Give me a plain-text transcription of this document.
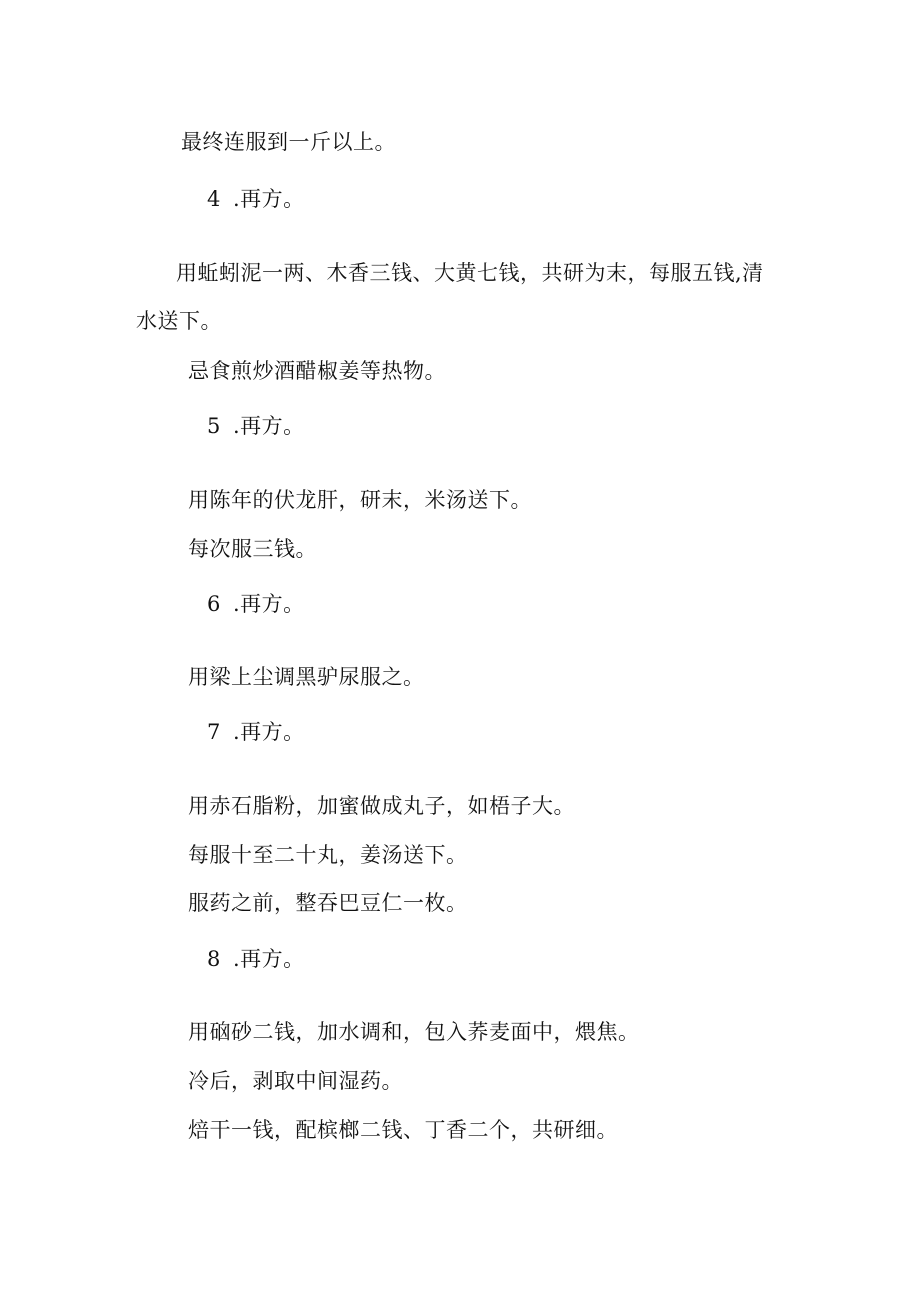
最终连服到一斤以上。
4 .再方。
用蚯蚓泥一两、木香三钱、大黄七钱，共研为末，每服五钱,清
水送下。
忌食煎炒酒醋椒姜等热物。
5 .再方。
用陈年的伏龙肝，研末，米汤送下。
每次服三钱。
6 .再方。
用梁上尘调黑驴尿服之。
7 .再方。
用赤石脂粉，加蜜做成丸子，如梧子大。
每服十至二十丸，姜汤送下。
服药之前，整吞巴豆仁一枚。
8 .再方。
用硇砂二钱，加水调和，包入荞麦面中，煨焦。
冷后，剥取中间湿药。
焙干一钱，配槟榔二钱、丁香二个，共研细。
